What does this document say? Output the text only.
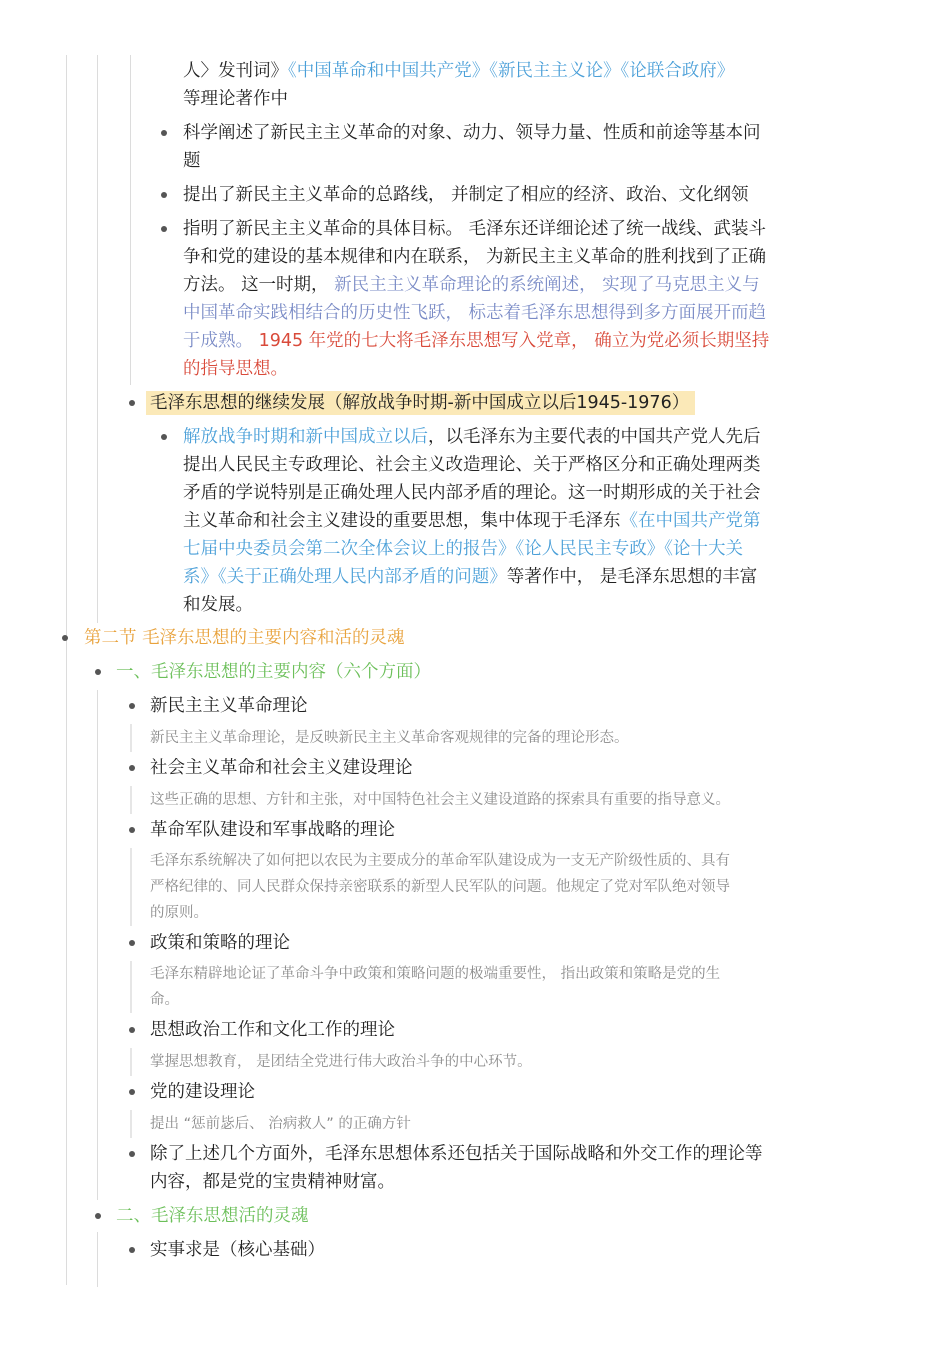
人〉发刊词》《中国革命和中国共产党》《新民主主义论》《论联合政府》
等理论著作中
科学阐述了新民主主义革命的对象、动力、领导力量、性质和前途等基本问
题
提出了新民主主义革命的总路线， 并制定了相应的经济、政治、文化纲领
指明了新民主主义革命的具体目标。 毛泽东还详细论述了统一战线、武装斗
争和党的建设的基本规律和内在联系， 为新民主主义革命的胜利找到了正确
方法。 这一时期， 新民主主义革命理论的系统阐述， 实现了马克思主义与
中国革命实践相结合的历史性飞跃， 标志着毛泽东思想得到多方面展开而趋
于成熟。 1945 年党的七大将毛泽东思想写入党章， 确立为党必须长期坚持
的指导思想。
毛泽东思想的继续发展（解放战争时期-新中国成立以后1945-1976）
解放战争时期和新中国成立以后，以毛泽东为主要代表的中国共产党人先后
提出人民民主专政理论、社会主义改造理论、关于严格区分和正确处理两类
矛盾的学说特别是正确处理人民内部矛盾的理论。这一时期形成的关于社会
主义革命和社会主义建设的重要思想，集中体现于毛泽东《在中国共产党第
七届中央委员会第二次全体会议上的报告》《论人民民主专政》《论十大关
系》《关于正确处理人民内部矛盾的问题》等著作中， 是毛泽东思想的丰富
和发展。
第二节 毛泽东思想的主要内容和活的灵魂
一、毛泽东思想的主要内容（六个方面）
新民主主义革命理论
新民主主义革命理论，是反映新民主主义革命客观规律的完备的理论形态。
社会主义革命和社会主义建设理论
这些正确的思想、方针和主张，对中国特色社会主义建设道路的探索具有重要的指导意义。
革命军队建设和军事战略的理论
毛泽东系统解决了如何把以农民为主要成分的革命军队建设成为一支无产阶级性质的、具有
严格纪律的、同人民群众保持亲密联系的新型人民军队的问题。他规定了党对军队绝对领导
的原则。
政策和策略的理论
毛泽东精辟地论证了革命斗争中政策和策略问题的极端重要性， 指出政策和策略是党的生
命。
思想政治工作和文化工作的理论
掌握思想教育， 是团结全党进行伟大政治斗争的中心环节。
党的建设理论
提出 “惩前毖后、 治病救人” 的正确方针
除了上述几个方面外，毛泽东思想体系还包括关于国际战略和外交工作的理论等
内容，都是党的宝贵精神财富。
二、毛泽东思想活的灵魂
实事求是（核心基础）
